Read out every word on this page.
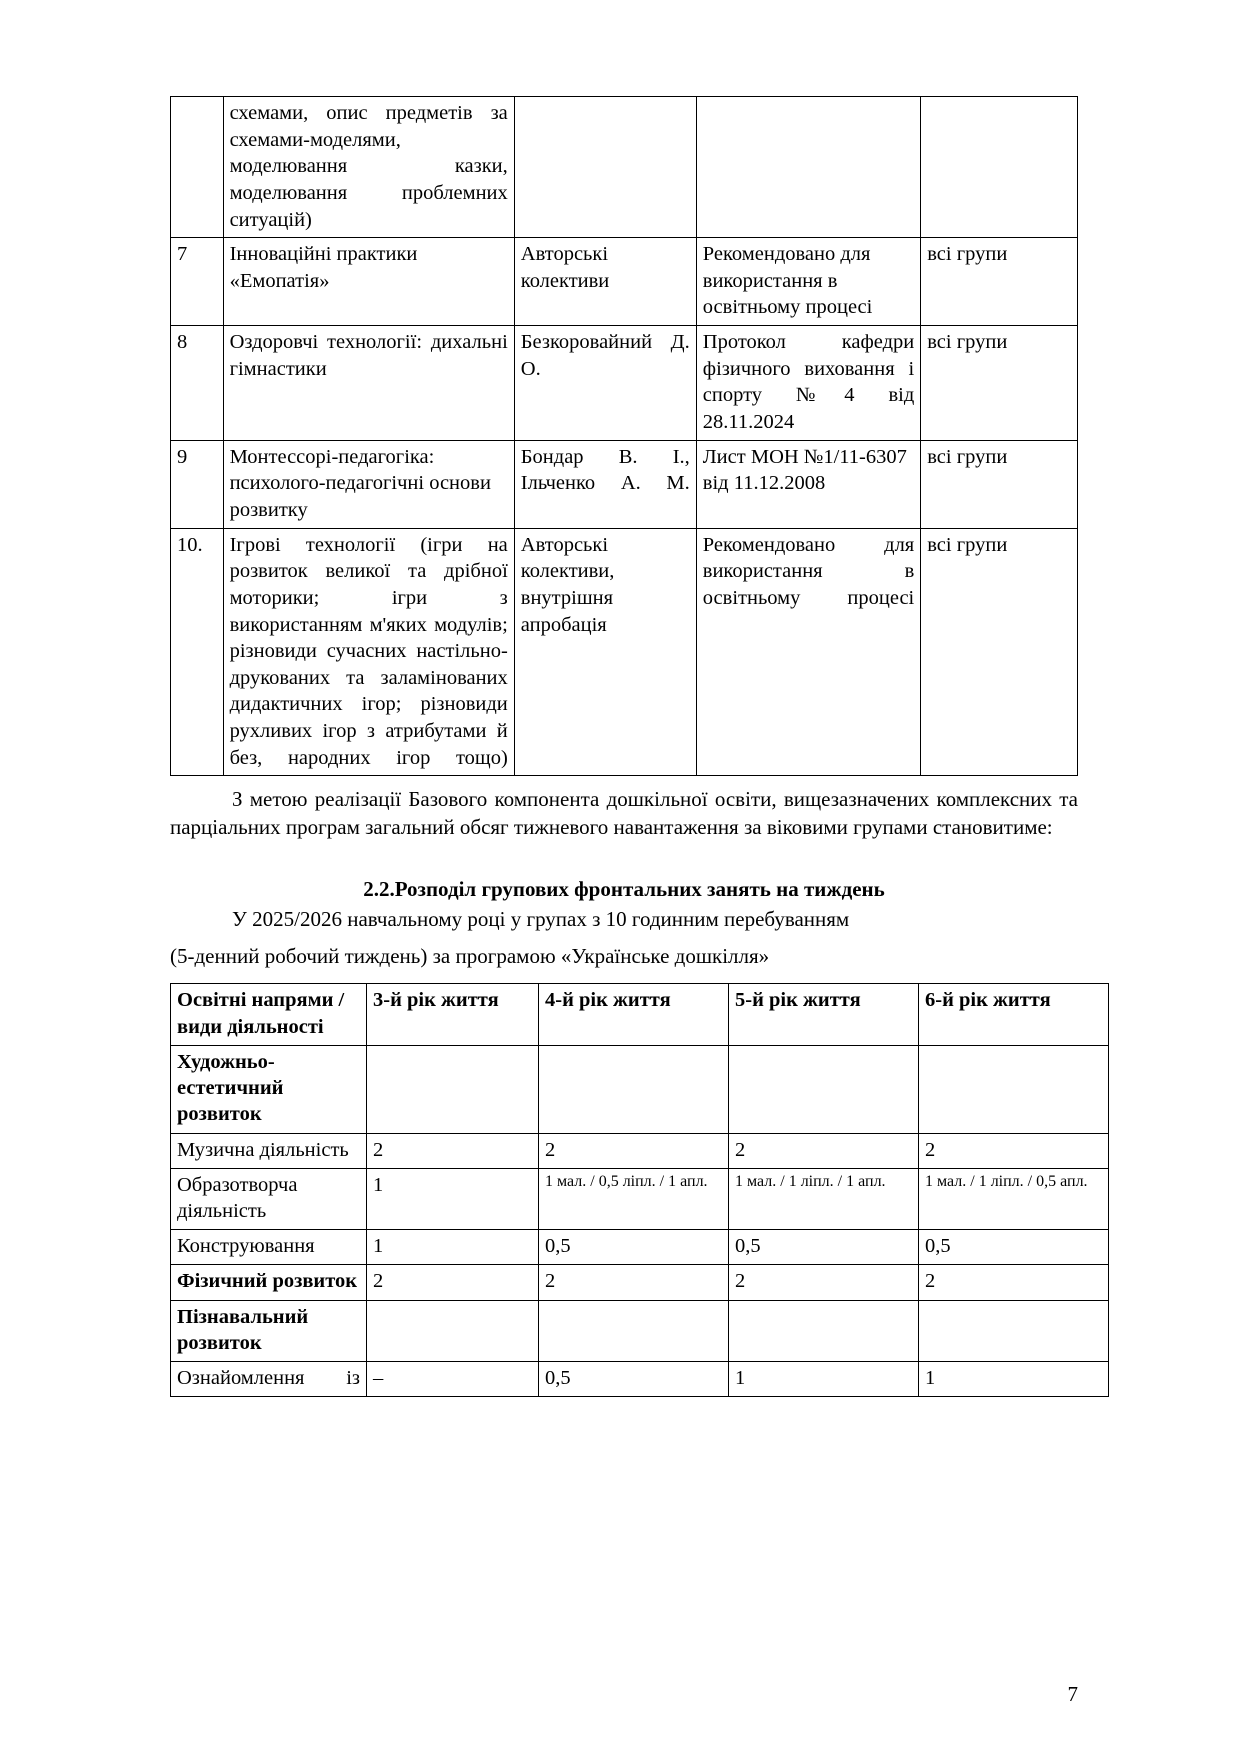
	схемами, опис предметів за схемами-моделями, моделювання казки, моделювання проблемних ситуацій)			
7	Інноваційні практики «Емопатія»	Авторські колективи	Рекомендовано для використання в освітньому процесі	всі групи
8	Оздоровчі технології: дихальні гімнастики	Безкоровайний Д. О.	Протокол кафедри фізичного виховання і спорту №4 від 28.11.2024	всі групи
9	Монтессорі-педагогіка: психолого-педагогічні основи розвитку	Бондар В. І., Ільченко А. М.	Лист МОН №1/11-6307 від 11.12.2008	всі групи
10.	Ігрові технології (ігри на розвиток великої та дрібної моторики; ігри з використанням м'яких модулів; різновиди сучасних настільно-друкованих та заламінованих дидактичних ігор; різновиди рухливих ігор з атрибутами й без, народних ігор тощо)	Авторські колективи, внутрішня апробація	Рекомендовано для використання в освітньому процесі	всі групи

З метою реалізації Базового компонента дошкільної освіти, вищезазначених комплексних та парціальних програм загальний обсяг тижневого навантаження за віковими групами становитиме:

2.2.Розподіл групових фронтальних занять на тиждень

У 2025/2026 навчальному році у групах з 10 годинним перебуванням

(5-денний робочий тиждень) за програмою «Українське дошкілля»

Освітні напрями / види діяльності	3-й рік життя	4-й рік життя	5-й рік життя	6-й рік життя
Художньо-естетичний розвиток				
Музична діяльність	2	2	2	2
Образотворча діяльність	1	1 мал. / 0,5 ліпл. / 1 апл.	1 мал. / 1 ліпл. / 1 апл.	1 мал. / 1 ліпл. / 0,5 апл.
Конструювання	1	0,5	0,5	0,5
Фізичний розвиток	2	2	2	2
Пізнавальний розвиток				
Ознайомлення із	–	0,5	1	1
7
